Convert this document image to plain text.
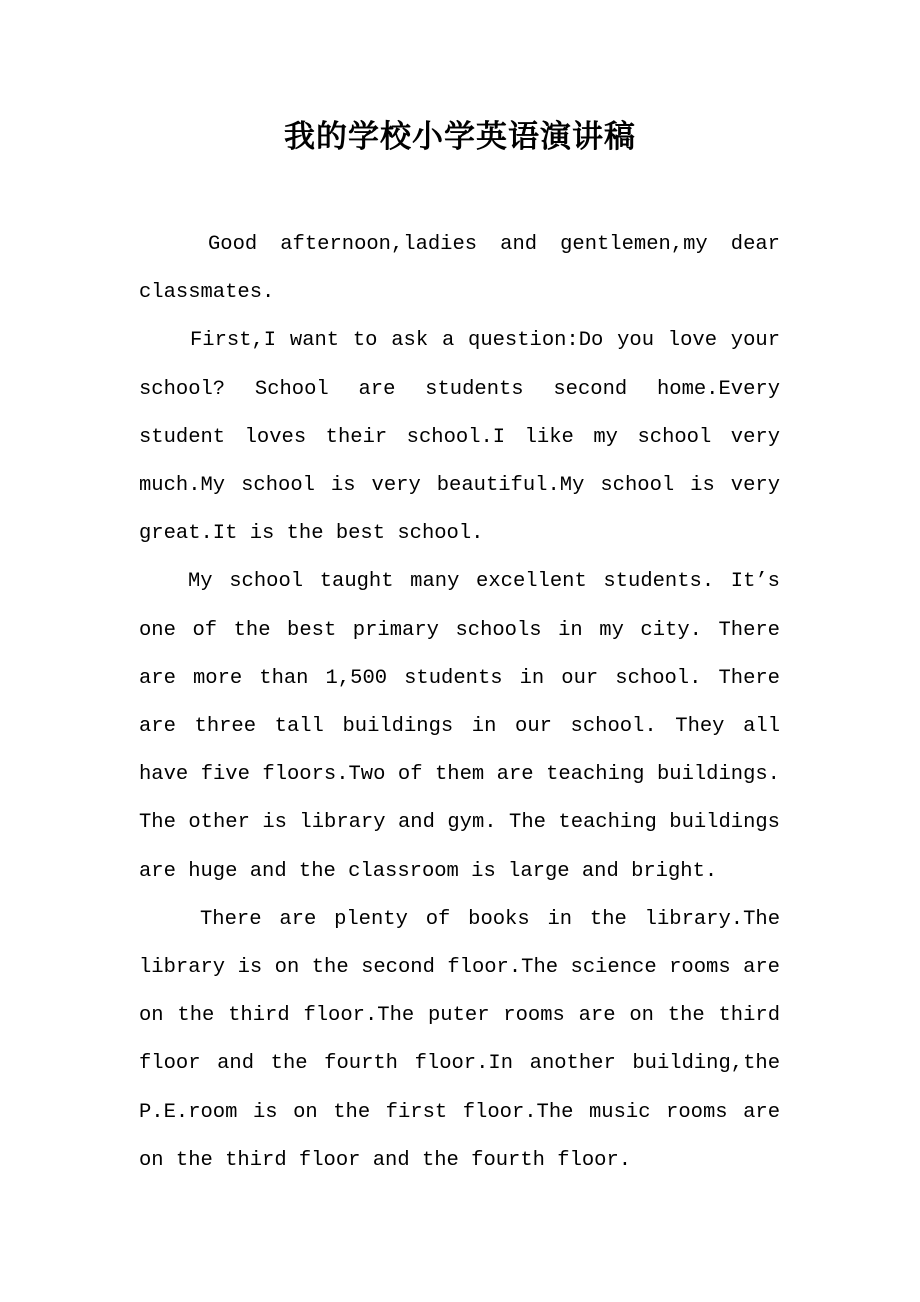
我的学校小学英语演讲稿

Good afternoon,ladies and gentlemen,my dear classmates.

First,I want to ask a question:Do you love your school? School are students second home.Every student loves their school.I like my school very much.My school is very beautiful.My school is very great.It is the best school.

My school taught many excellent students. It’s one of the best primary schools in my city. There are more than 1,500 students in our school. There are three tall buildings in our school. They all have five floors.Two of them are teaching buildings. The other is library and gym. The teaching buildings are huge and the classroom is large and bright.

There are plenty of books in the library.The library is on the second floor.The science rooms are on the third floor.The puter rooms are on the third floor and the fourth floor.In another building,the P.E.room is on the first floor.The music rooms are on the third floor and the fourth floor.
